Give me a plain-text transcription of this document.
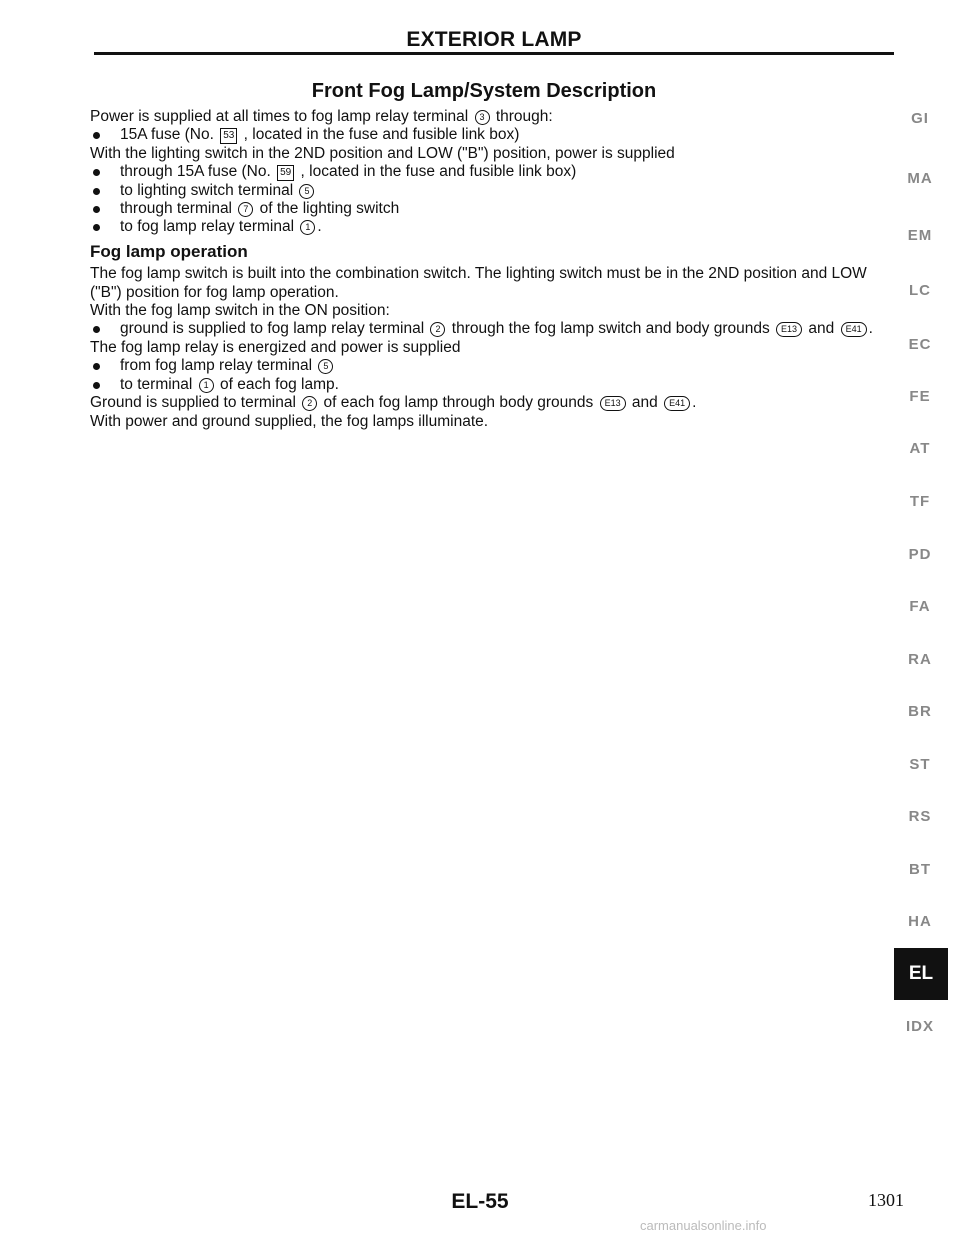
EXTERIOR LAMP
Front Fog Lamp/System Description

Power is supplied at all times to fog lamp relay terminal 3 through:

15A fuse (No. 53 , located in the fuse and fusible link box)

With the lighting switch in the 2ND position and LOW ("B") position, power is supplied

through 15A fuse (No. 59 , located in the fuse and fusible link box)

to lighting switch terminal 5

through terminal 7 of the lighting switch

to fog lamp relay terminal 1 .

Fog lamp operation

The fog lamp switch is built into the combination switch. The lighting switch must be in the 2ND position and LOW ("B") position for fog lamp operation.

With the fog lamp switch in the ON position:

ground is supplied to fog lamp relay terminal 2 through the fog lamp switch and body grounds E13 and E41 .

The fog lamp relay is energized and power is supplied

from fog lamp relay terminal 5

to terminal 1 of each fog lamp.

Ground is supplied to terminal 2 of each fog lamp through body grounds E13 and E41 .

With power and ground supplied, the fog lamps illuminate.

GI
MA
EM
LC
EC
FE
AT
TF
PD
FA
RA
BR
ST
RS
BT
HA
EL
IDX
EL-55	1301
carmanualsonline.info
